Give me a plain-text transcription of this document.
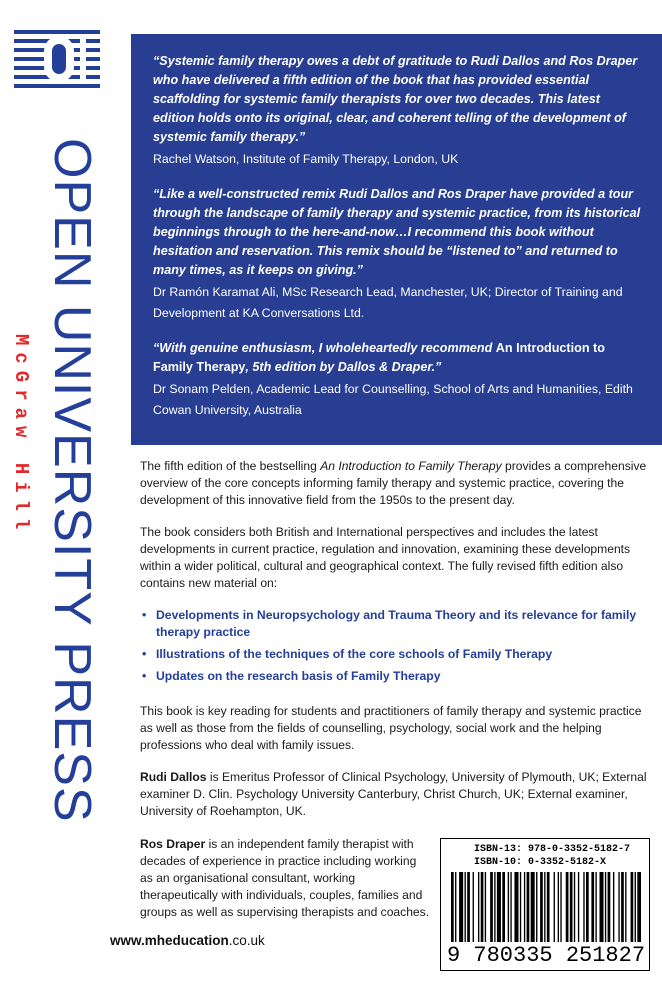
OPEN UNIVERSITY PRESS
McGraw Hill
“Systemic family therapy owes a debt of gratitude to Rudi Dallos and Ros Draper who have delivered a fifth edition of the book that has provided essential scaffolding for systemic family therapists for over two decades. This latest edition holds onto its original, clear, and coherent telling of the development of systemic family therapy.”
Rachel Watson, Institute of Family Therapy, London, UK
“Like a well-constructed remix Rudi Dallos and Ros Draper have provided a tour through the landscape of family therapy and systemic practice, from its historical beginnings through to the here-and-now…I recommend this book without hesitation and reservation. This remix should be “listened to” and returned to many times, as it keeps on giving.”
Dr Ramón Karamat Ali, MSc Research Lead, Manchester, UK; Director of Training and Development at KA Conversations Ltd.
“With genuine enthusiasm, I wholeheartedly recommend An Introduction to Family Therapy, 5th edition by Dallos & Draper.”
Dr Sonam Pelden, Academic Lead for Counselling, School of Arts and Humanities, Edith Cowan University, Australia

The fifth edition of the bestselling An Introduction to Family Therapy provides a comprehensive overview of the core concepts informing family therapy and systemic practice, covering the development of this innovative field from the 1950s to the present day.

The book considers both British and International perspectives and includes the latest developments in current practice, regulation and innovation, examining these developments within a wider political, cultural and geographical context. The fully revised fifth edition also contains new material on:

• Developments in Neuropsychology and Trauma Theory and its relevance for family therapy practice
• Illustrations of the techniques of the core schools of Family Therapy
• Updates on the research basis of Family Therapy

This book is key reading for students and practitioners of family therapy and systemic practice as well as those from the fields of counselling, psychology, social work and the helping professions who deal with family issues.

Rudi Dallos is Emeritus Professor of Clinical Psychology, University of Plymouth, UK; External examiner D. Clin. Psychology University Canterbury, Christ Church, UK; External examiner, University of Roehampton, UK.

Ros Draper is an independent family therapist with decades of experience in practice including working as an organisational consultant, working therapeutically with individuals, couples, families and groups as well as supervising therapists and coaches.

www.mheducation.co.uk
ISBN-13: 978-0-3352-5182-7
ISBN-10: 0-3352-5182-X
9 780335 251827
